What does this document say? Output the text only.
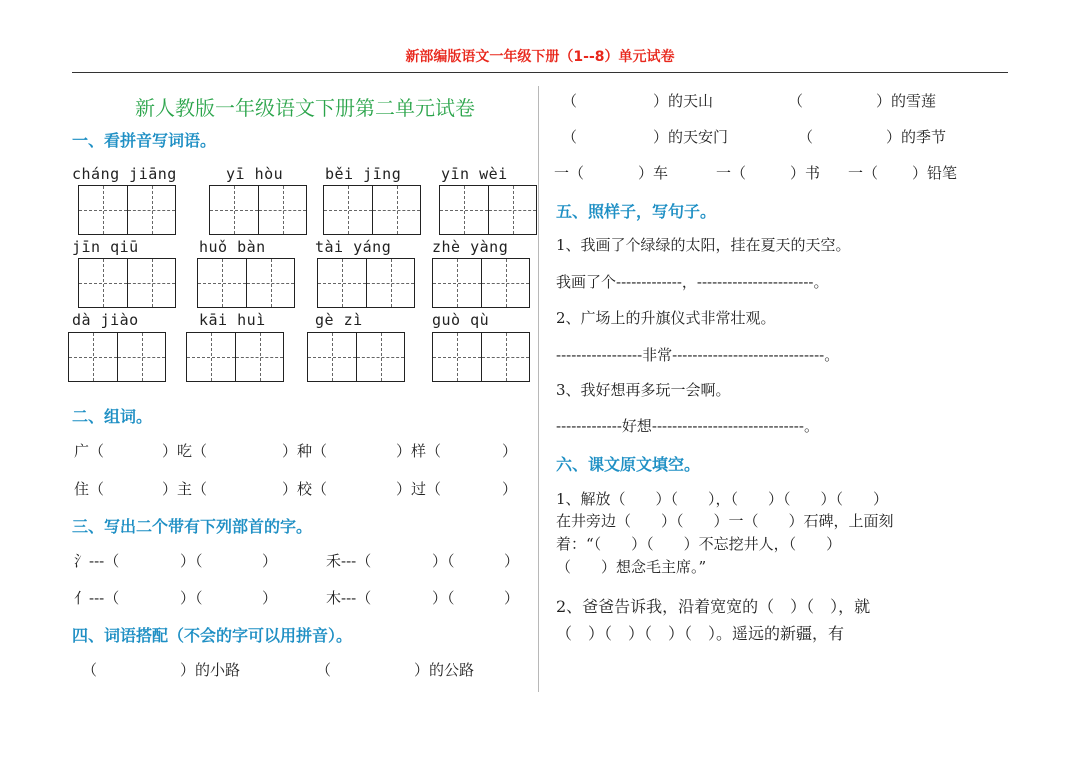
新部编版语文一年级下册（1--8）单元试卷
新人教版一年级语文下册第二单元试卷
一、看拼音写词语。
cháng jiāng	yī hòu	běi jīng	yīn wèi
jīn qiū	huǒ bàn	tài yáng	zhè yàng
dà jiào	kāi huì	gè zì	guò qù
二、组词。
广（	）吃（	）种（	）样（	）
住（	）主（	）校（	）过（	）
三、写出二个带有下列部首的字。
氵---（	）（	）	禾---（	）（	）
亻---（	）（	）	木---（	）（	）
四、词语搭配（不会的字可以用拼音）。
（	）的小路	（	）的公路
（	）的天山	（	）的雪莲
（	）的天安门	（	）的季节
一（	）车	一（	）书 一（ ）铅笔
五、照样子，写句子。
1、我画了个绿绿的太阳，挂在夏天的天空。
我画了个-------------，-----------------------。
2、广场上的升旗仪式非常壮观。
-----------------非常------------------------------。
3、我好想再多玩一会啊。
-------------好想------------------------------。
六、课文原文填空。
1、解放（　　）（　　），（　　）（　　）（　　）
在井旁边（　　）（　　）一（　　）石碑，上面刻
着：“（　　）（　　）不忘挖井人，（　　）
（　　）想念毛主席。”
2、爸爸告诉我，沿着宽宽的（　）（　），就
（　）（　）（　）（　）。遥远的新疆，有
